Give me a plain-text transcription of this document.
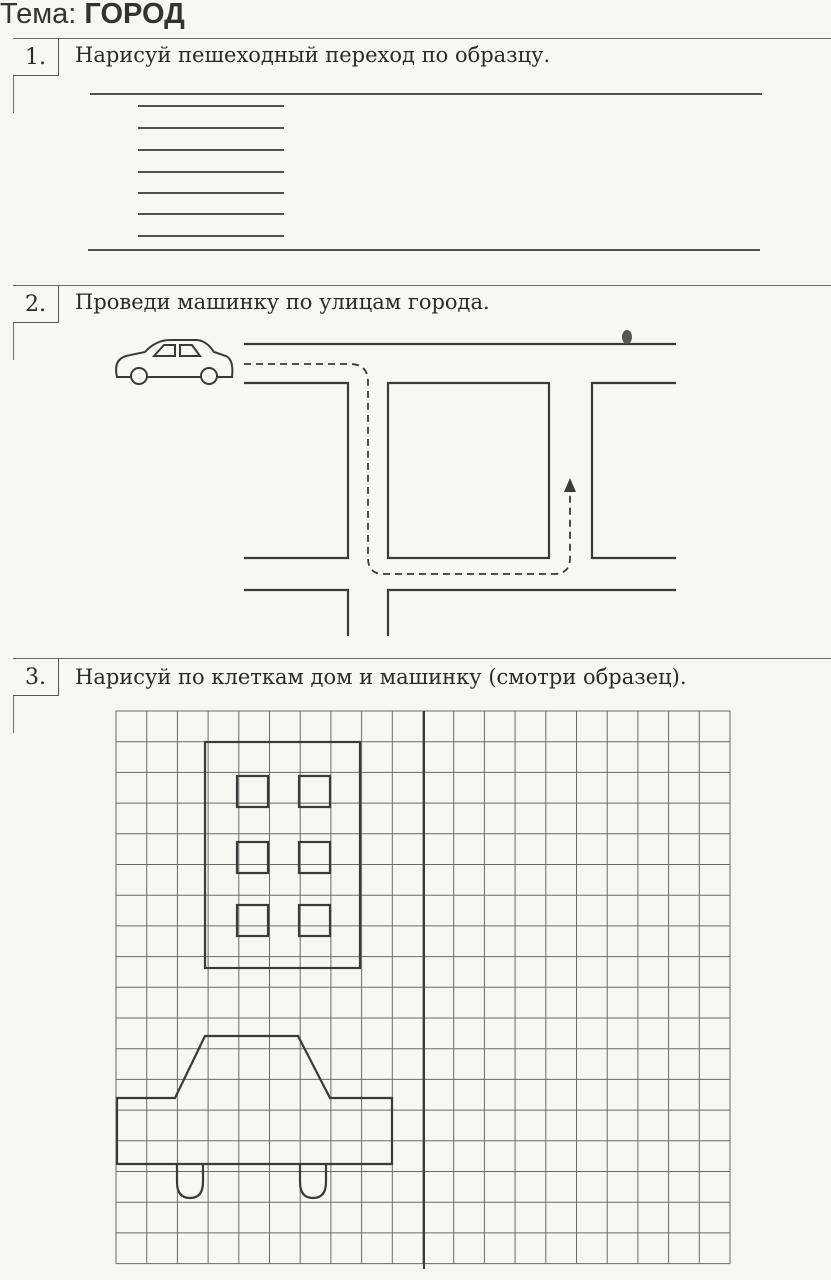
Тема: ГОРОД
1.	Нарисуй пешеходный переход по образцу.
2.	Проведи машинку по улицам города.
3.	Нарисуй по клеткам дом и машинку (смотри образец).
